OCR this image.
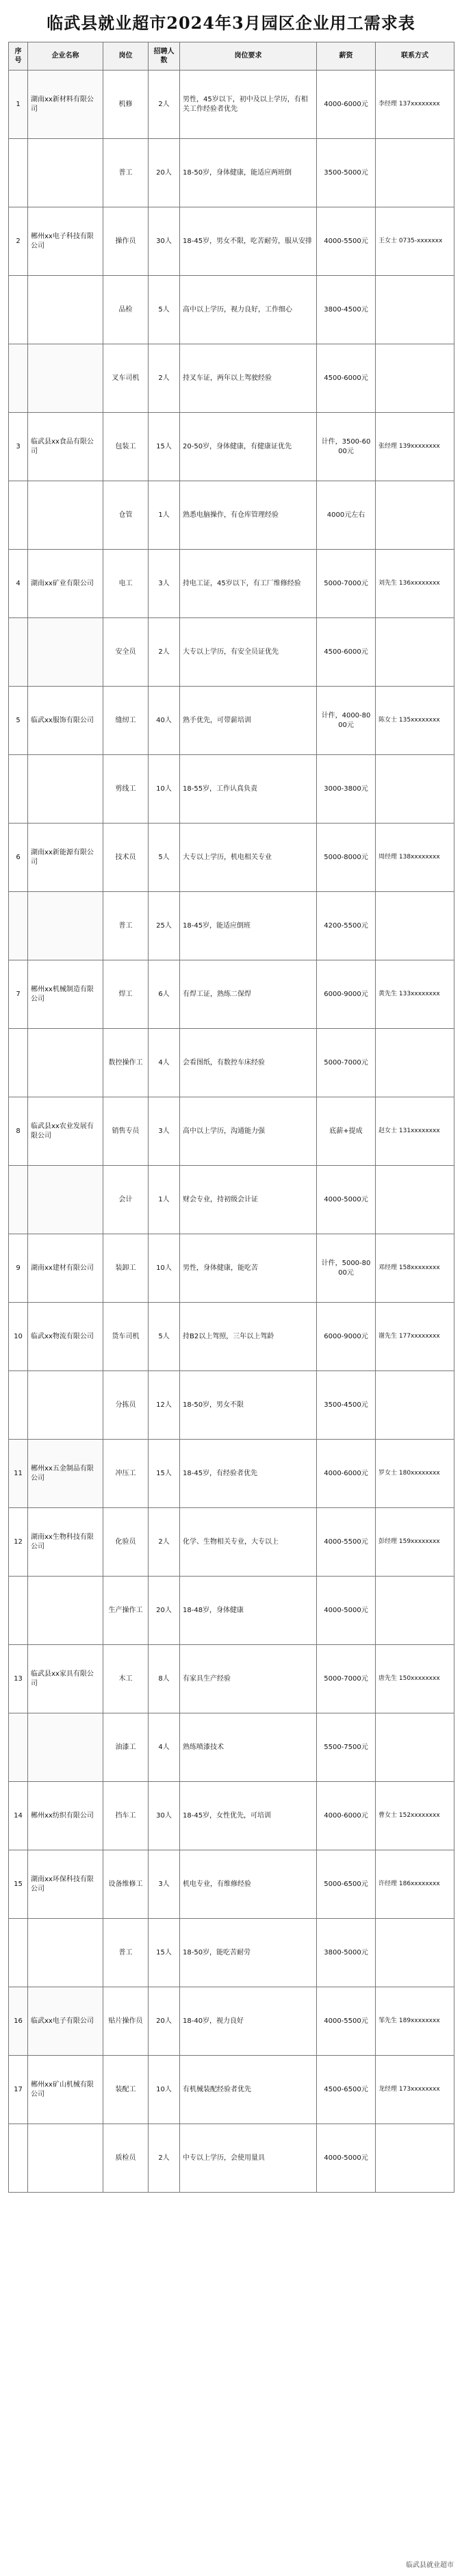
临武县就业超市2024年3月园区企业用工需求表
序号	企业名称	岗位	招聘人数	岗位要求	薪资	联系方式
1	湖南xx新材料有限公司	机修	2人	男性，45岁以下，初中及以上学历，有相关工作经验者优先	4000-6000元	李经理 137xxxxxxxx
		普工	20人	18-50岁，身体健康，能适应两班倒	3500-5000元	
2	郴州xx电子科技有限公司	操作员	30人	18-45岁，男女不限，吃苦耐劳，服从安排	4000-5500元	王女士 0735-xxxxxxx
		品检	5人	高中以上学历，视力良好，工作细心	3800-4500元	
		叉车司机	2人	持叉车证，两年以上驾驶经验	4500-6000元	
3	临武县xx食品有限公司	包装工	15人	20-50岁，身体健康，有健康证优先	计件，3500-6000元	张经理 139xxxxxxxx
		仓管	1人	熟悉电脑操作，有仓库管理经验	4000元左右	
4	湖南xx矿业有限公司	电工	3人	持电工证，45岁以下，有工厂维修经验	5000-7000元	刘先生 136xxxxxxxx
		安全员	2人	大专以上学历，有安全员证优先	4500-6000元	
5	临武xx服饰有限公司	缝纫工	40人	熟手优先，可带薪培训	计件，4000-8000元	陈女士 135xxxxxxxx
		剪线工	10人	18-55岁，工作认真负责	3000-3800元	
6	湖南xx新能源有限公司	技术员	5人	大专以上学历，机电相关专业	5000-8000元	周经理 138xxxxxxxx
		普工	25人	18-45岁，能适应倒班	4200-5500元	
7	郴州xx机械制造有限公司	焊工	6人	有焊工证，熟练二保焊	6000-9000元	黄先生 133xxxxxxxx
		数控操作工	4人	会看图纸，有数控车床经验	5000-7000元	
8	临武县xx农业发展有限公司	销售专员	3人	高中以上学历，沟通能力强	底薪+提成	赵女士 131xxxxxxxx
		会计	1人	财会专业，持初级会计证	4000-5000元	
9	湖南xx建材有限公司	装卸工	10人	男性，身体健康，能吃苦	计件，5000-8000元	邓经理 158xxxxxxxx
10	临武xx物流有限公司	货车司机	5人	持B2以上驾照，三年以上驾龄	6000-9000元	谢先生 177xxxxxxxx
		分拣员	12人	18-50岁，男女不限	3500-4500元	
11	郴州xx五金制品有限公司	冲压工	15人	18-45岁，有经验者优先	4000-6000元	罗女士 180xxxxxxxx
12	湖南xx生物科技有限公司	化验员	2人	化学、生物相关专业，大专以上	4000-5500元	彭经理 159xxxxxxxx
		生产操作工	20人	18-48岁，身体健康	4000-5000元	
13	临武县xx家具有限公司	木工	8人	有家具生产经验	5000-7000元	唐先生 150xxxxxxxx
		油漆工	4人	熟练喷漆技术	5500-7500元	
14	郴州xx纺织有限公司	挡车工	30人	18-45岁，女性优先，可培训	4000-6000元	曹女士 152xxxxxxxx
15	湖南xx环保科技有限公司	设备维修工	3人	机电专业，有维修经验	5000-6500元	许经理 186xxxxxxxx
		普工	15人	18-50岁，能吃苦耐劳	3800-5000元	
16	临武xx电子有限公司	贴片操作员	20人	18-40岁，视力良好	4000-5500元	邹先生 189xxxxxxxx
17	郴州xx矿山机械有限公司	装配工	10人	有机械装配经验者优先	4500-6500元	龙经理 173xxxxxxxx
		质检员	2人	中专以上学历，会使用量具	4000-5000元	
临武县就业超市
